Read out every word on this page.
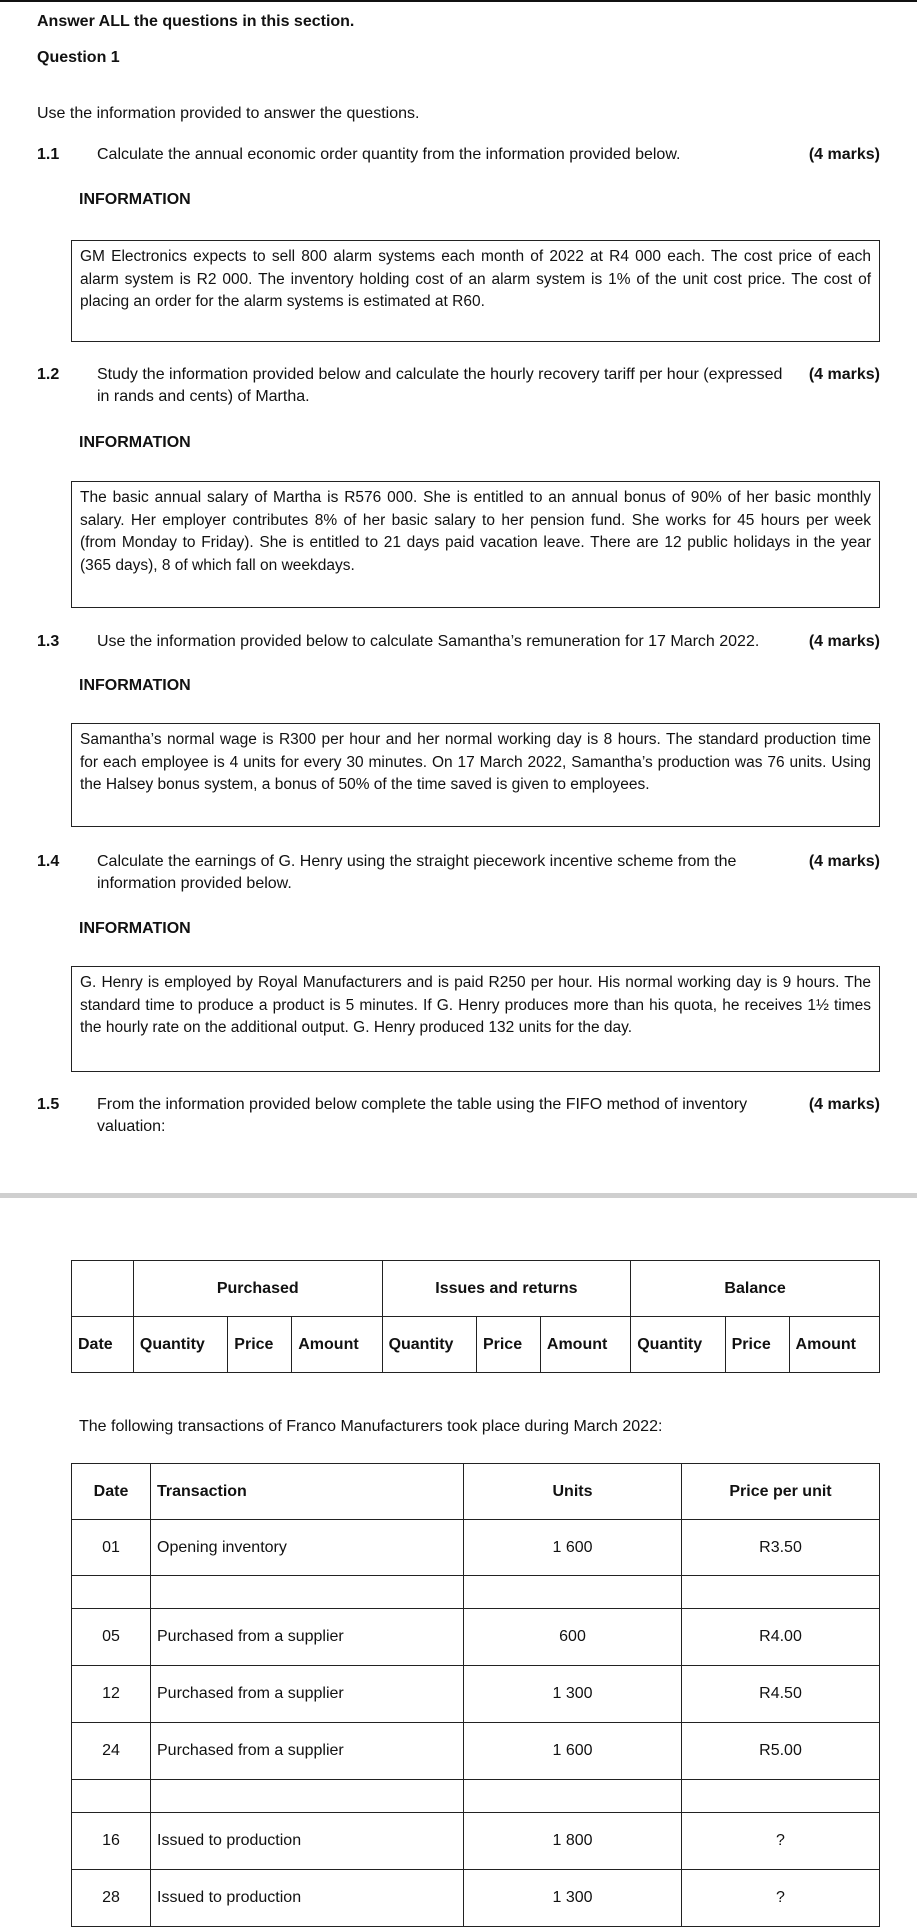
Answer ALL the questions in this section.
Question 1
Use the information provided to answer the questions.
1.1 Calculate the annual economic order quantity from the information provided below.	(4 marks)
INFORMATION
GM Electronics expects to sell 800 alarm systems each month of 2022 at R4 000 each. The cost price of each alarm system is R2 000. The inventory holding cost of an alarm system is 1% of the unit cost price. The cost of placing an order for the alarm systems is estimated at R60.
1.2 Study the information provided below and calculate the hourly recovery tariff per hour (expressed in rands and cents) of Martha.
(4 marks)
INFORMATION
The basic annual salary of Martha is R576 000. She is entitled to an annual bonus of 90% of her basic monthly salary. Her employer contributes 8% of her basic salary to her pension fund. She works for 45 hours per week (from Monday to Friday). She is entitled to 21 days paid vacation leave. There are 12 public holidays in the year (365 days), 8 of which fall on weekdays.
1.3 Use the information provided below to calculate Samantha’s remuneration for 17 March 2022.	(4 marks)
INFORMATION
Samantha’s normal wage is R300 per hour and her normal working day is 8 hours. The standard production time for each employee is 4 units for every 30 minutes. On 17 March 2022, Samantha’s production was 76 units. Using the Halsey bonus system, a bonus of 50% of the time saved is given to employees.
1.4 Calculate the earnings of G. Henry using the straight piecework incentive scheme from the information provided below.
(4 marks)
INFORMATION
G. Henry is employed by Royal Manufacturers and is paid R250 per hour. His normal working day is 9 hours. The standard time to produce a product is 5 minutes. If G. Henry produces more than his quota, he receives 1½ times the hourly rate on the additional output. G. Henry produced 132 units for the day.
1.5 From the information provided below complete the table using the FIFO method of inventory valuation:
(4 marks)
	Purchased			Issues and returns			Balance		
Date	Quantity	Price	Amount	Quantity	Price	Amount	Quantity	Price	Amount
The following transactions of Franco Manufacturers took place during March 2022:
Date	Transaction	Units	Price per unit
01	Opening inventory	1 600	R3.50

05	Purchased from a supplier	600	R4.00
12	Purchased from a supplier	1 300	R4.50
24	Purchased from a supplier	1 600	R5.00

16	Issued to production	1 800	?
28	Issued to production	1 300	?
